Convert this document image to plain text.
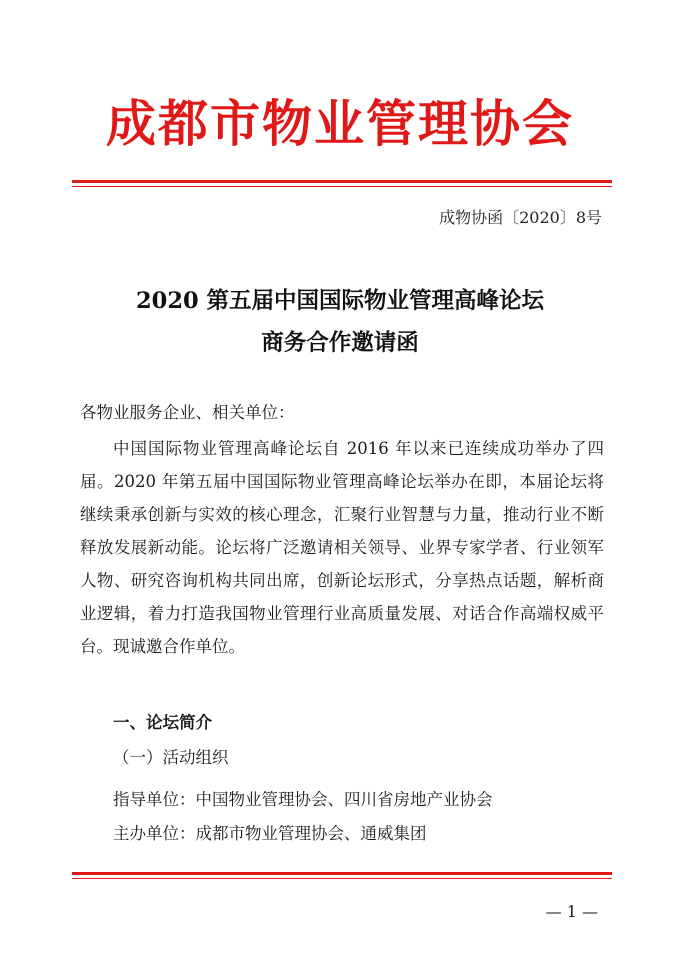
成都市物业管理协会
成物协函〔2020〕8号
2020 第五届中国国际物业管理高峰论坛
商务合作邀请函
各物业服务企业、相关单位：

中国国际物业管理高峰论坛自 2016 年以来已连续成功举办了四届。2020 年第五届中国国际物业管理高峰论坛举办在即，本届论坛将继续秉承创新与实效的核心理念，汇聚行业智慧与力量，推动行业不断释放发展新动能。论坛将广泛邀请相关领导、业界专家学者、行业领军人物、研究咨询机构共同出席，创新论坛形式，分享热点话题，解析商业逻辑，着力打造我国物业管理行业高质量发展、对话合作高端权威平台。现诚邀合作单位。

一、论坛简介
（一）活动组织
指导单位：中国物业管理协会、四川省房地产业协会
主办单位：成都市物业管理协会、通威集团
— 1 —
